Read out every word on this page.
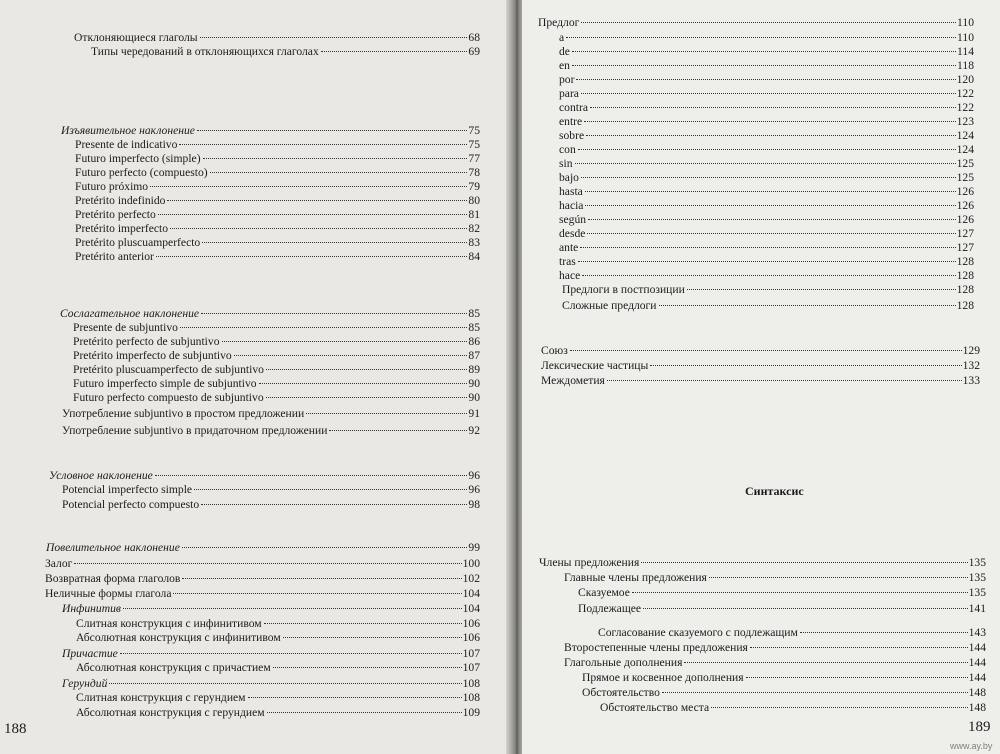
Отклоняющиеся глаголы	68
Типы чередований в отклоняющихся глаголах	69
Изъявительное наклонение	75
Presente de indicativo	75
Futuro imperfecto (simple)	77
Futuro perfecto (compuesto)	78
Futuro próximo	79
Pretérito indefinido	80
Pretérito perfecto	81
Pretérito imperfecto	82
Pretérito pluscuamperfecto	83
Pretérito anterior	84
Сослагательное наклонение	85
Presente de subjuntivo	85
Pretérito perfecto de subjuntivo	86
Pretérito imperfecto de subjuntivo	87
Pretérito pluscuamperfecto de subjuntivo	89
Futuro imperfecto simple de subjuntivo	90
Futuro perfecto compuesto de subjuntivo	90
Употребление subjuntivo в простом предложении	91
Употребление subjuntivo в придаточном предложении	92
Условное наклонение	96
Potencial imperfecto simple	96
Potencial perfecto compuesto	98
Повелительное наклонение	99
Залог	100
Возвратная форма глаголов	102
Неличные формы глагола	104
Инфинитив	104
Слитная конструкция с инфинитивом	106
Абсолютная конструкция с инфинитивом	106
Причастие	107
Абсолютная конструкция с причастием	107
Герундий	108
Слитная конструкция с герундием	108
Абсолютная конструкция с герундием	109
188
Предлог	110
a	110
de	114
en	118
por	120
para	122
contra	122
entre	123
sobre	124
con	124
sin	125
bajo	125
hasta	126
hacia	126
según	126
desde	127
ante	127
tras	128
hace	128
Предлоги в постпозиции	128
Сложные предлоги	128
Союз	129
Лексические частицы	132
Междометия	133
Синтаксис
Члены предложения	135
Главные члены предложения	135
Сказуемое	135
Подлежащее	141
Согласование сказуемого с подлежащим	143
Второстепенные члены предложения	144
Глагольные дополнения	144
Прямое и косвенное дополнения	144
Обстоятельство	148
Обстоятельство места	148
189
www.ay.by
